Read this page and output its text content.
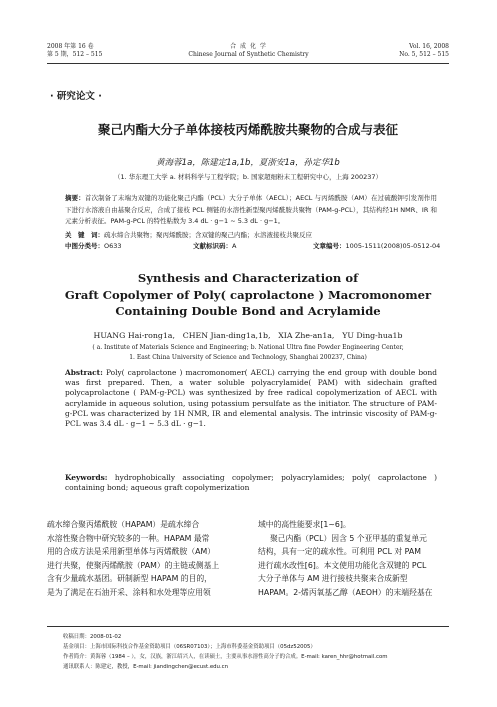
2008 年第 16 卷
第 5 期，512 – 515
合 成 化 学
Chinese Journal of Synthetic Chemistry
Vol. 16, 2008
No. 5, 512 – 515
· 研究论文 ·
聚己内酯大分子单体接枝丙烯酰胺共聚物的合成与表征
黄海蓉1a，陈建定1a,1b，夏浙安1a，孙定华1b
（1. 华东理工大学 a. 材料科学与工程学院；b. 国家超细粉末工程研究中心，上海 200237）
摘要：首次制备了末端为双键的功能化聚己内酯（PCL）大分子单体（AECL）；AECL 与丙烯酰胺（AM）在过硫酸钾引发剂作用下进行水溶液自由基聚合反应，合成了接枝 PCL 侧链的水溶性新型聚丙烯酰胺共聚物（PAM-g-PCL），其结构经1H NMR、IR 和元素分析表征。PAM-g-PCL 的特性粘数为 3.4 dL · g−1 ~ 5.3 dL · g−1。
关　键　词：疏水缔合共聚物；聚丙烯酰胺；含双键的聚己内酯；水溶液接枝共聚反应
中图分类号：O633	文献标识码：A	文章编号：1005-1511(2008)05-0512-04
Synthesis and Characterization of
Graft Copolymer of Poly( caprolactone ) Macromonomer
Containing Double Bond and Acrylamide
HUANG Hai-rong1a,　CHEN Jian-ding1a,1b,　XIA Zhe-an1a,　YU Ding-hua1b
( a. Institute of Materials Science and Engineering; b. National Ultra fine Powder Engineering Center,
1. East China University of Science and Technology, Shanghai 200237, China)
Abstract: Poly( caprolactone ) macromonomer( AECL) carrying the end group with double bond was first prepared. Then, a water soluble polyacrylamide( PAM) with sidechain grafted polycaprolactone ( PAM-g-PCL) was synthesized by free radical copolymerization of AECL with acrylamide in aqueous solution, using potassium persulfate as the initiator. The structure of PAM-g-PCL was characterized by 1H NMR, IR and elemental analysis. The intrinsic viscosity of PAM-g-PCL was 3.4 dL · g−1 ~ 5.3 dL · g−1.
Keywords: hydrophobically associating copolymer; polyacrylamides; poly( caprolactone ) containing bond; aqueous graft copolymerization
疏水缔合聚丙烯酰胺（HAPAM）是疏水缔合
水溶性聚合物中研究较多的一种。HAPAM 最常
用的合成方法是采用新型单体与丙烯酰胺（AM）
进行共聚，使聚丙烯酰胺（PAM）的主链或侧基上
含有少量疏水基团。研制新型 HAPAM 的目的，
是为了满足在石油开采、涂料和水处理等应用领
域中的高性能要求[1~6]。
聚己内酯（PCL）因含 5 个亚甲基的重复单元
结构，具有一定的疏水性。可利用 PCL 对 PAM
进行疏水改性[6]。本文使用功能化含双键的 PCL
大分子单体与 AM 进行接枝共聚来合成新型
HAPAM。2-烯丙氧基乙醇（AEOH）的末端羟基在
收稿日期：2008-01-02
基金项目：上海市国际科技合作基金资助项目（06SR07103）；上海市科委基金资助项目（05dz52005）
作者简介：黄海蓉（1984 – ），女，汉族，浙江绍兴人，在读硕士，主要从事水溶性高分子的合成。E-mail: karen_hhr@hotmail.com
通讯联系人：陈建定，教授，E-mail: jiandingchen@ecust.edu.cn
